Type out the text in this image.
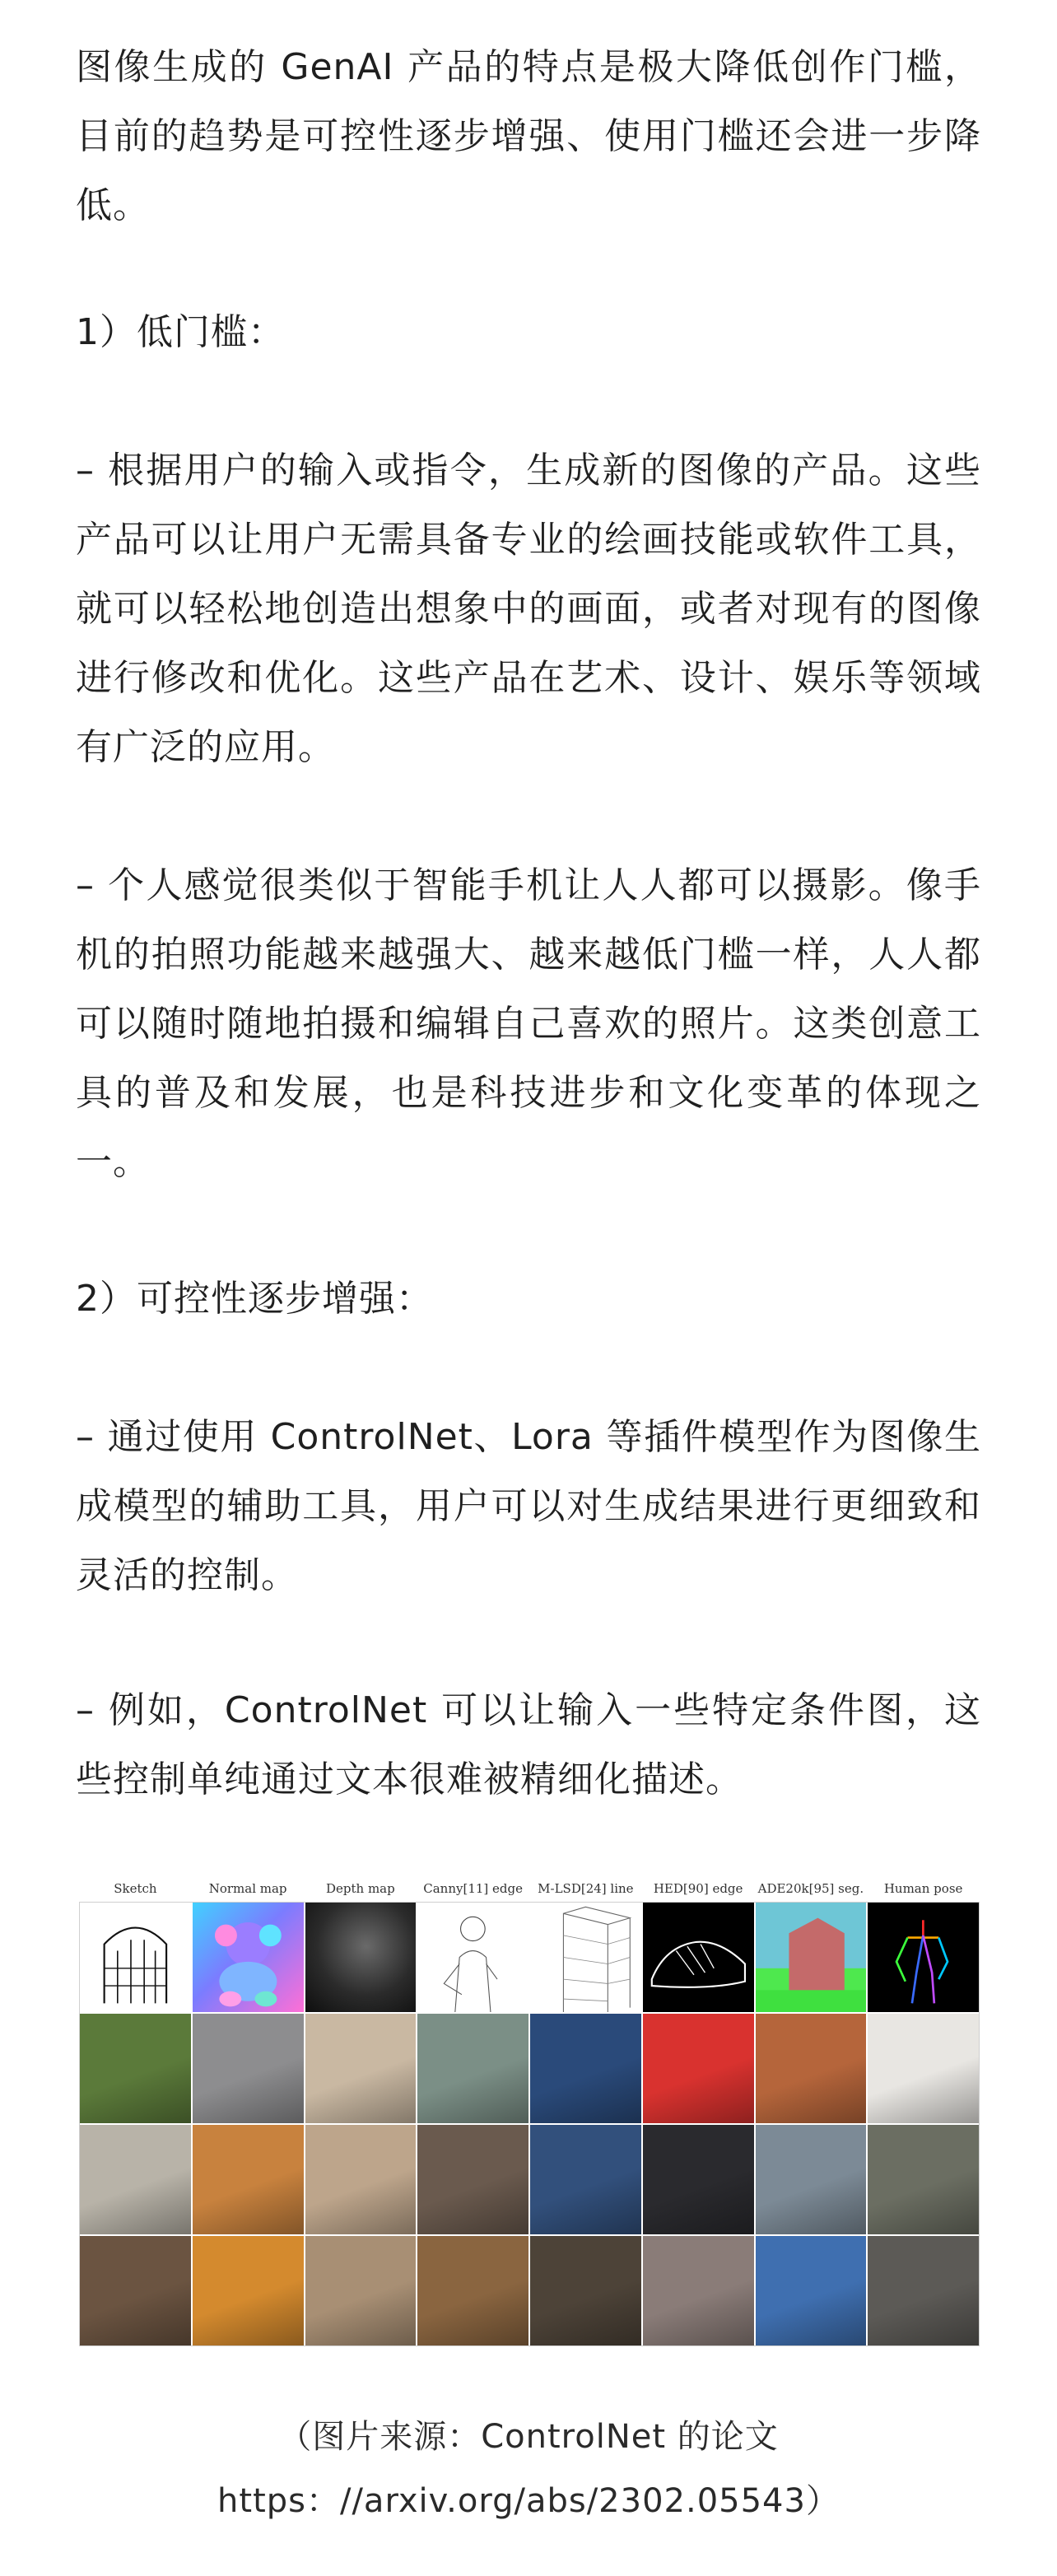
图像生成的 GenAI 产品的特点是极大降低创作门槛，目前的趋势是可控性逐步增强、使用门槛还会进一步降低。

1）低门槛：

– 根据用户的输入或指令，生成新的图像的产品。这些产品可以让用户无需具备专业的绘画技能或软件工具，就可以轻松地创造出想象中的画面，或者对现有的图像进行修改和优化。这些产品在艺术、设计、娱乐等领域有广泛的应用。

– 个人感觉很类似于智能手机让人人都可以摄影。像手机的拍照功能越来越强大、越来越低门槛一样，人人都可以随时随地拍摄和编辑自己喜欢的照片。这类创意工具的普及和发展，也是科技进步和文化变革的体现之一。

2）可控性逐步增强：

– 通过使用 ControlNet、Lora 等插件模型作为图像生成模型的辅助工具，用户可以对生成结果进行更细致和灵活的控制。

– 例如，ControlNet 可以让输入一些特定条件图，这些控制单纯通过文本很难被精细化描述。

Sketch	Normal map	Depth map	Canny[11] edge	M-LSD[24] line	HED[90] edge	ADE20k[95] seg.	Human pose

（图片来源：ControlNet 的论文

https：//arxiv.org/abs/2302.05543）
